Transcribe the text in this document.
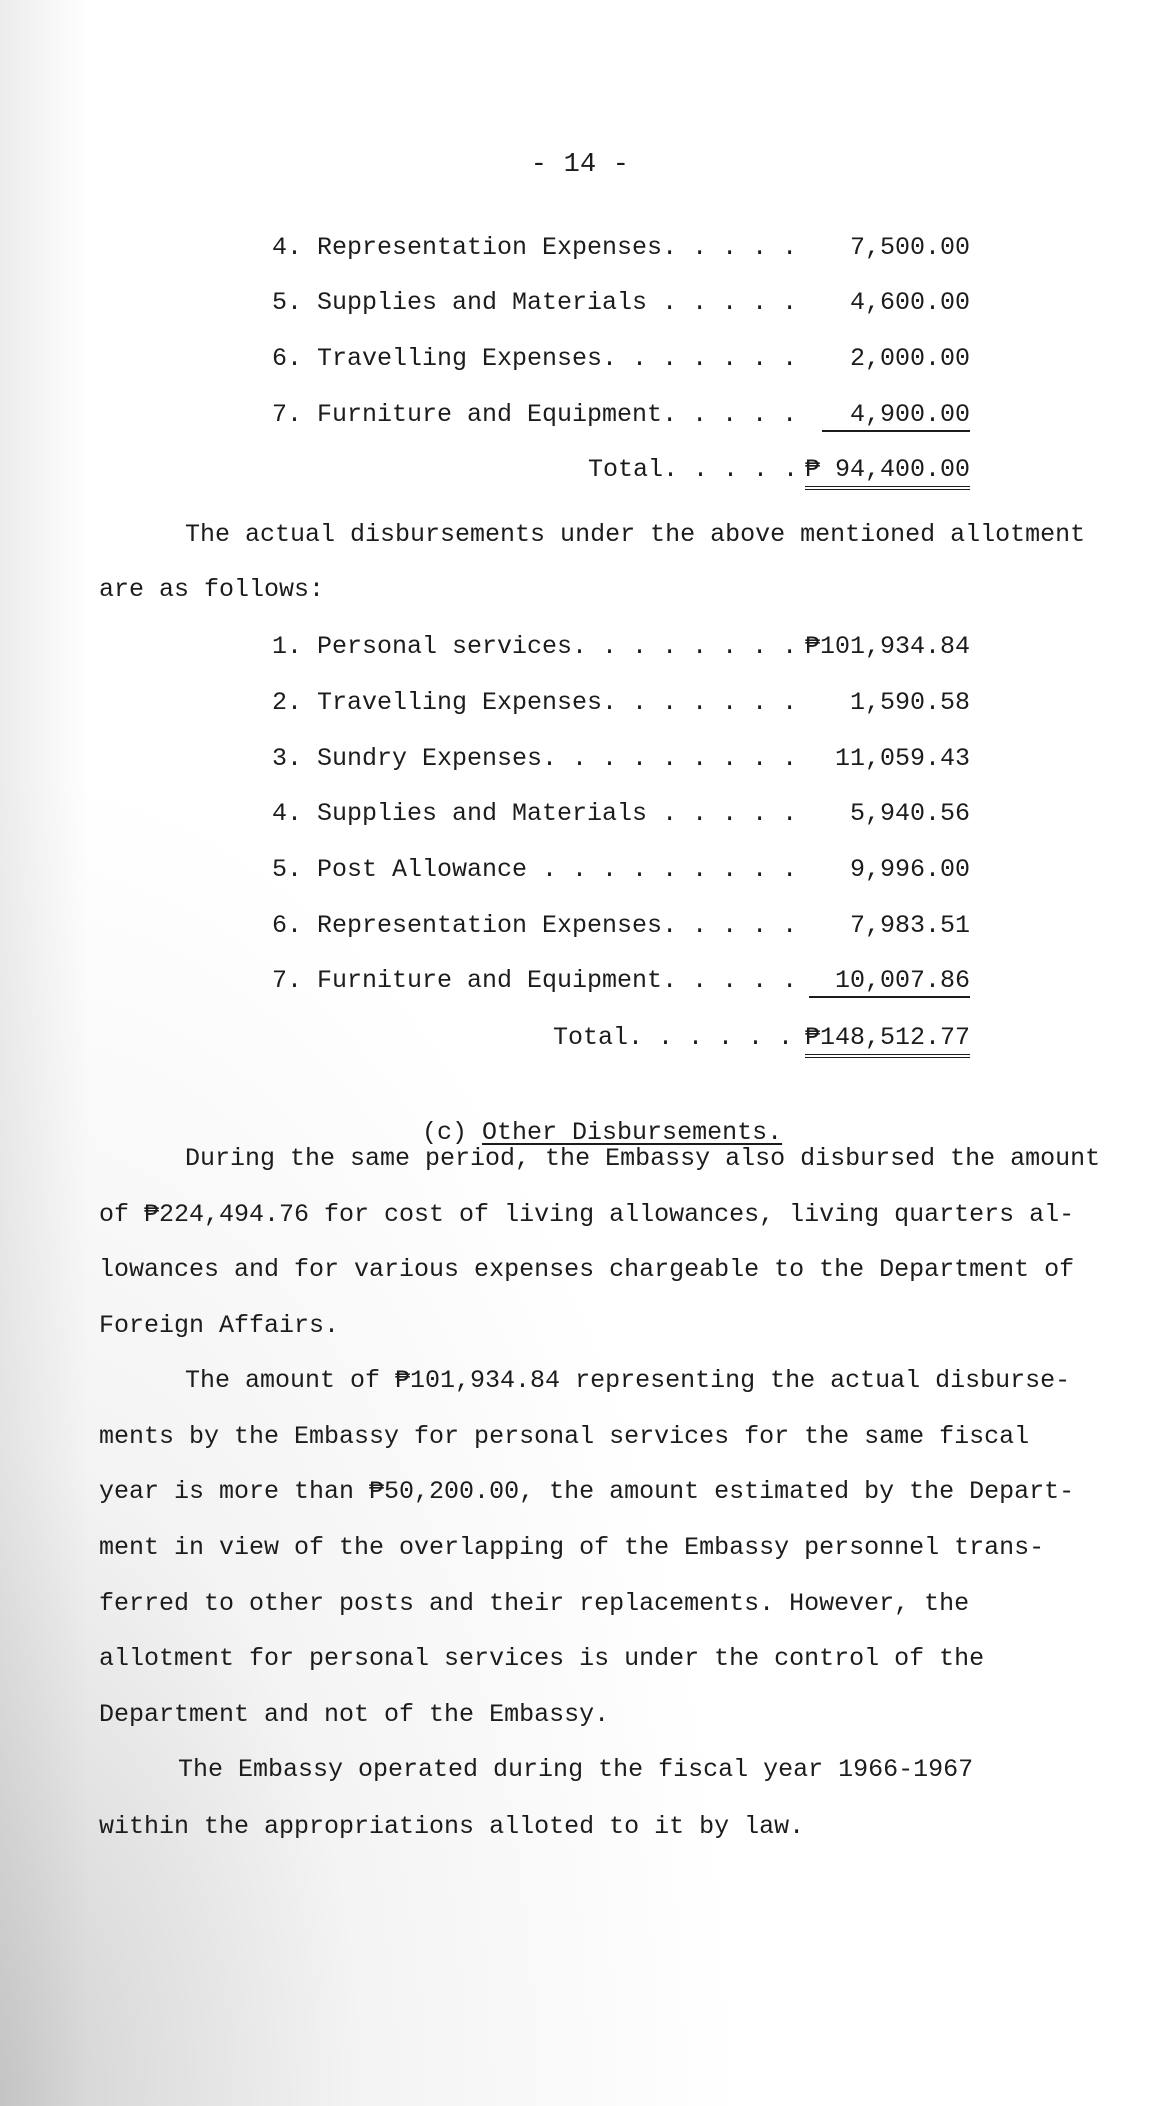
- 14 -
4. Representation Expenses. . . . . 7,500.00
5. Supplies and Materials . . . . . 4,600.00
6. Travelling Expenses. . . . . . . 2,000.00
7. Furniture and Equipment. . . . .	4,900.00
Total. . . . . ₱ 94,400.00
The actual disbursements under the above mentioned allotment
are as follows:
1. Personal services. . . . . . . . ₱101,934.84
2. Travelling Expenses. . . . . . . 1,590.58
3. Sundry Expenses. . . . . . . . . 11,059.43
4. Supplies and Materials . . . . . 5,940.56
5. Post Allowance . . . . . . . . . 9,996.00
6. Representation Expenses. . . . . 7,983.51
7. Furniture and Equipment. . . . .	10,007.86
Total. . . . . . ₱148,512.77

(c) Other Disbursements.

During the same period, the Embassy also disbursed the amount
of ₱224,494.76 for cost of living allowances, living quarters al-
lowances and for various expenses chargeable to the Department of
Foreign Affairs.
The amount of ₱101,934.84 representing the actual disburse-
ments by the Embassy for personal services for the same fiscal
year is more than ₱50,200.00, the amount estimated by the Depart-
ment in view of the overlapping of the Embassy personnel trans-
ferred to other posts and their replacements. However, the
allotment for personal services is under the control of the
Department and not of the Embassy.
The Embassy operated during the fiscal year 1966-1967
within the appropriations alloted to it by law.
